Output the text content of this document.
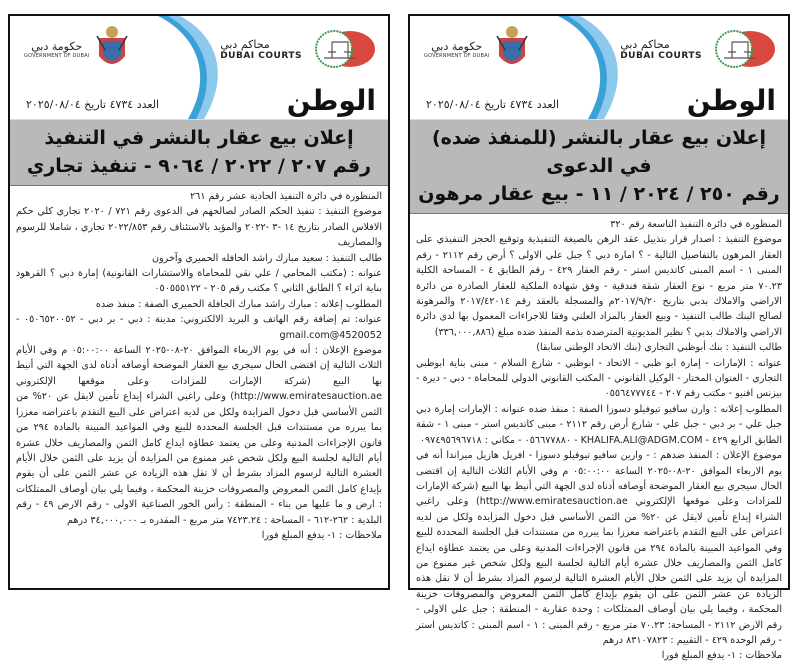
حكومة دبي
GOVERNMENT OF DUBAI
محاكم دبي
DUBAI COURTS
العدد ٤٧٣٤ تاريخ ٢٠٢٥/٠٨/٠٤	الوطن
إعلان بيع عقار بالنشر (للمنفذ ضده) في الدعوى
رقم ٢٥٠ / ٢٠٢٤ / ١١ - بيع عقار مرهون

المنظورة في دائرة التنفيذ التاسعة رقم ٣٢٠

موضوع التنفيذ : اصدار قرار بتذييل عقد الرهن بالصيغة التنفيذية وتوقيع الحجز التنفيذي على العقار المرهون بالتفاصيل التالية - ؟ امارة دبي ؟ جبل علي الاولى ؟ أرض رقم ٢١١٢ - رقم المبنى ١ - اسم المبنى كاتديس استر - رقم العقار ٤٢٩ - رقم الطابق ٤ - المساحة الكلية ٧٠.٢٣ متر مربع - نوع العقار شقة فندقية - وفق شهادة الملكية للعقار الصادرة من دائرة الاراضي والاملاك بدبي بتاريخ ٢٠١٧/٩/٢٠م والمسجلة بالعقد رقم ٢٠١٧/٤٢٠١٤ والمرهونة لصالح البنك طالب التنفيذ - وبيع العقار بالمزاد العلني وفقا للاجراءات المعمول بها لدى دائرة الاراضي والاملاك بدبي ؟ نظير المديونية المترصدة بذمة المنفذ ضده مبلغ (٣٣٦,٠٠٠,٨٨٦)

طالب التنفيذ : بنك أبوظبي التجاري (بنك الاتحاد الوطني سابقا)

عنوانه : الإمارات - إمارة ابو ظبي - الاتحاد - ابوظبي - شارع السلام - مبنى بناية ابوظبي التجاري - العنوان المختار - الوكيل القانوني - المكتب القانوني الدولي للمحاماة - دبي - ديرة - بيزنس افنيو - مكتب رقم ٢٠٧ - ٠٥٥٦٤٧٧٧٤٤

المطلوب إعلانه : وارن سافيو تيوفيلو دسوزا الصفة : منفذ ضده عنوانه : الإمارات إمارة دبي جبل علي - بر دبي - جبل علي - شارع أرض رقم ٢١١٢ - مبنى كاتديس استر - مبنى ١ - شقة الطابق الرابع ٤٢٩ - KHALIFA.ALI@ADGM.COM - ٠٥٦٦٧٧٨٨٠ - مكاني : ٠٩٧٤٩٥٦٩٦٧١٨

موضوع الإعلان : المنفذ ضدهم : - وارين سافيو تيوفيلو دسوزا - افريل هازيل ميراندا أنه في يوم الاربعاء الموافق ٢٠-٠٨-٢٠٢٥ الساعة ٠٥:٠٠:٠٠ م وفي الأيام الثلاث التالية إن اقتضى الحال سيجري بيع العقار الموضحة أوصافه أدناه لدى الجهة التي أنيط بها البيع (شركة الإمارات للمزادات وعلى موقعها الإلكتروني http://www.emiratesauction.ae) وعلى راغبي الشراء إيداع تأمين لايقل عن ٢٠% من الثمن الأساسي قبل دخول المزايدة ولكل من لديه اعتراض على البيع التقدم باعتراضه معززا بما يبرره من مستندات قبل الجلسة المحددة للبيع وفي المواعيد المبينة بالمادة ٢٩٤ من قانون الإجراءات المدنية وعلى من يعتمد عطاؤه ايداع كامل الثمن والمصاريف خلال عشرة أيام التالية لجلسة البيع ولكل شخص غير ممنوع من المزايدة أن يزيد على الثمن خلال الأيام العشرة التالية لرسوم المزاد بشرط أن لا تقل هذه الزيادة عن عشر الثمن على أن يقوم بإيداع كامل الثمن المعروض والمصروفات خزينة المحكمة ، وفيما يلي بيان أوصاف الممتلكات : وحدة عقارية - المنطقة : جبل علي الاولى - رقم الارض ٢١١٢ - المساحة: ٧٠.٢٣ متر مربع - رقم المبنى : ١ - اسم المبنى : كاتديس استر - رقم الوحدة ٤٢٩ - التقييم : ٨٣١٠٧٨٢٣ درهم

ملاحظات : ١- يدفع المبلغ فورا

حكومة دبي
GOVERNMENT OF DUBAI
محاكم دبي
DUBAI COURTS
العدد ٤٧٣٤ تاريخ ٢٠٢٥/٠٨/٠٤	الوطن
إعلان بيع عقار بالنشر في التنفيذ
رقم ٢٠٧ / ٢٠٢٢ / ٩٠٦٤ - تنفيذ تجاري

المنظورة في دائرة التنفيذ الحادية عشر رقم ٢٦١

موضوع التنفيذ : تنفيذ الحكم الصادر لصالحهم في الدعوى رقم ٧٢١ / ٢٠٢٠ تجاري كلي حكم الافلاس الصادر بتاريخ ١٤ -٣ -٢٠٢٢ والمؤيد بالاستئناف رقم ٢٠٢٢/٨٥٣ تجاري ، شاملا للرسوم والمصاريف

طالب التنفيذ : سعيد مبارك راشد الحافله الحميري وآخرون

عنوانه : (مكتب المحامي / علي نقي للمحاماة والاستشارات القانونية) إمارة دبي ؟ القرهود بناية اثراء ؟ الطابق الثاني ؟ مكتب رقم ٢٠٥ - ٠٥٠٥٥٥١٢٢

المطلوب إعلانه : مبارك راشد مبارك الجافلة الحميري الصفة : منفذ ضده

عنوانه: تم إضافة رقم الهاتف و البريد الالكتروني: مدينة : دبي - بر دبي - ٠٥٠٦٥٢٠٠٥٢ - gmail.com@4520052

موضوع الإعلان : أنه في يوم الاربعاء الموافق ٢٠-٠٨-٢٠٢٥ الساعة ٠٥:٠٠:٠٠ م وفي الأيام الثلاث التالية إن اقتضى الحال سيجري بيع العقار الموضحة أوصافه أدناه لدى الجهة التي أنيط بها البيع (شركة الإمارات للمزادات وعلى موقعها الإلكتروني http://www.emiratesauction.ae) وعلى راغبي الشراء إيداع تأمين لايقل عن ٢٠% من الثمن الأساسي قبل دخول المزايدة ولكل من لديه اعتراض على البيع التقدم باعتراضه معززا بما يبرره من مستندات قبل الجلسة المحددة للبيع وفي المواعيد المبينة بالمادة ٢٩٤ من قانون الإجراءات المدنية وعلى من يعتمد عطاؤه ايداع كامل الثمن والمصاريف خلال عشرة أيام التالية لجلسة البيع ولكل شخص غير ممنوع من المزايدة أن يزيد على الثمن خلال الأيام العشرة التالية لرسوم المزاد بشرط أن لا تقل هذه الزيادة عن عشر الثمن على أن يقوم بإيداع كامل الثمن المعروض والمصروفات خزينة المحكمة ، وفيما يلي بيان أوصاف الممتلكات : ارض و ما عليها من بناء - المنطقة : رأس الخور الصناعية الاولى - رقم الارض ٤٩ - رقم البلدية : ٢٦٢-٦١٢ - المساحة : ٧٤٢٣.٢٤ متر مربع - المقدره بـ ٣٤,٠٠٠,٠٠٠ درهم

ملاحظات : ١- يدفع المبلغ فورا
